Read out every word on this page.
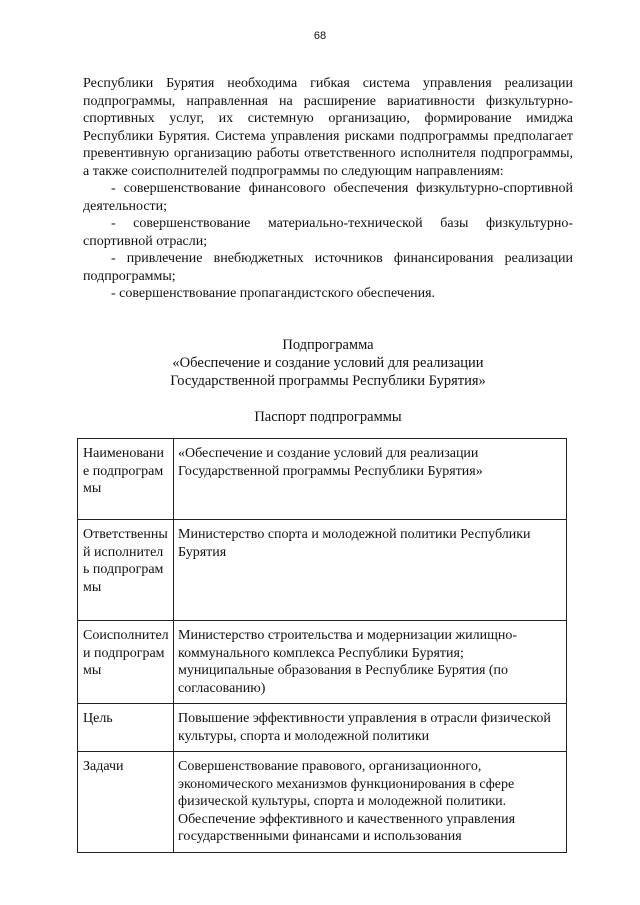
68

Республики Бурятия необходима гибкая система управления реализации подпрограммы, направленная на расширение вариативности физкультурно-спортивных услуг, их системную организацию, формирование имиджа Республики Бурятия. Система управления рисками подпрограммы предполагает превентивную организацию работы ответственного исполнителя подпрограммы, а также соисполнителей подпрограммы по следующим направлениям:

- совершенствование финансового обеспечения физкультурно-спортивной деятельности;

- совершенствование материально-технической базы физкультурно-спортивной отрасли;

- привлечение внебюджетных источников финансирования реализации подпрограммы;

- совершенствование пропагандистского обеспечения.

Подпрограмма
«Обеспечение и создание условий для реализации
Государственной программы Республики Бурятия»
Паспорт подпрограммы
Наименование подпрограммы	«Обеспечение и создание условий для реализации Государственной программы Республики Бурятия»
Ответственный исполнитель подпрограммы	Министерство спорта и молодежной политики Республики Бурятия
Соисполнители подпрограммы	Министерство строительства и модернизации жилищно-коммунального комплекса Республики Бурятия; муниципальные образования в Республике Бурятия (по согласованию)
Цель	Повышение эффективности управления в отрасли физической культуры, спорта и молодежной политики
Задачи	Совершенствование правового, организационного, экономического механизмов функционирования в сфере физической культуры, спорта и молодежной политики. Обеспечение эффективного и качественного управления государственными финансами и использования
